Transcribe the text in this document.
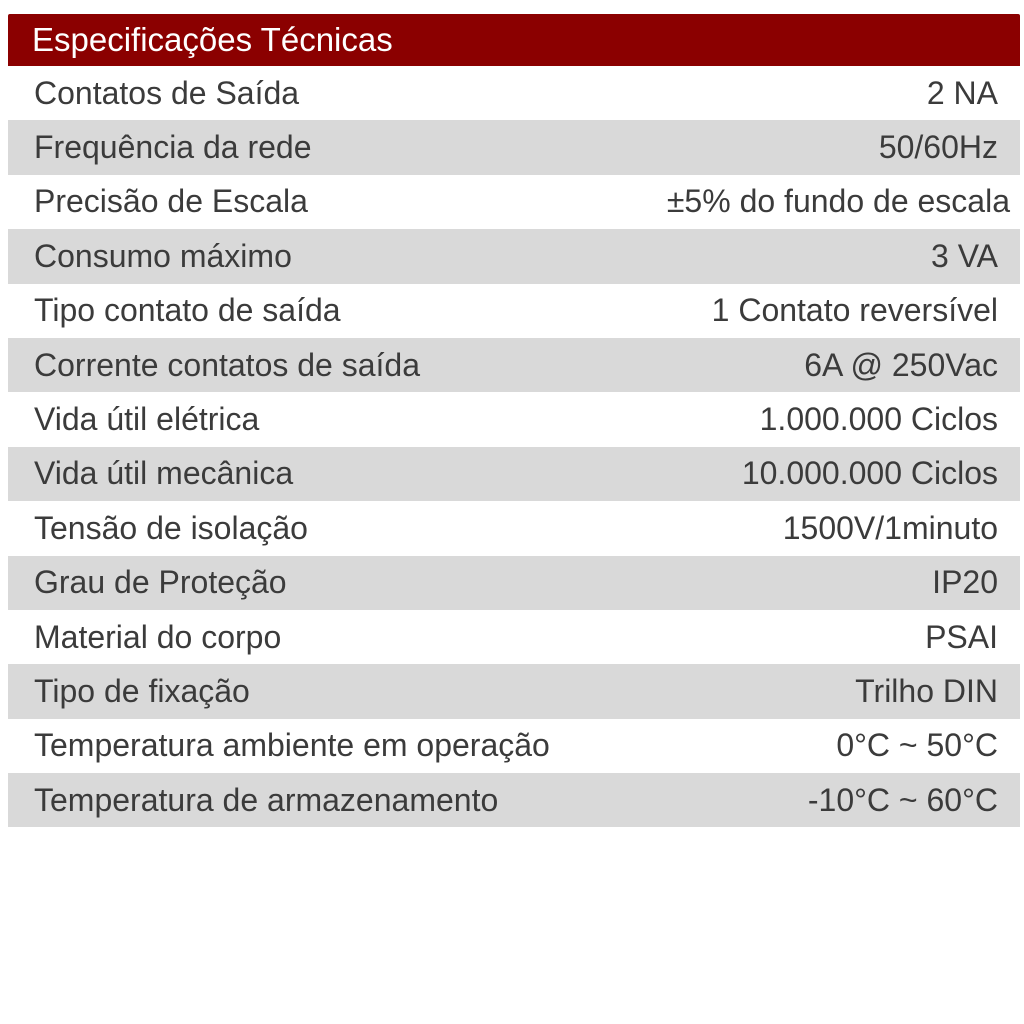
Especificações Técnicas
Contatos de Saída	2 NA
Frequência da rede	50/60Hz
Precisão de Escala	±5% do fundo de escala
Consumo máximo	3 VA
Tipo contato de saída	1 Contato reversível
Corrente contatos de saída	6A @ 250Vac
Vida útil elétrica	1.000.000 Ciclos
Vida útil mecânica	10.000.000 Ciclos
Tensão de isolação	1500V/1minuto
Grau de Proteção	IP20
Material do corpo	PSAI
Tipo de fixação	Trilho DIN
Temperatura ambiente em operação	0°C ~ 50°C
Temperatura de armazenamento	-10°C ~ 60°C
